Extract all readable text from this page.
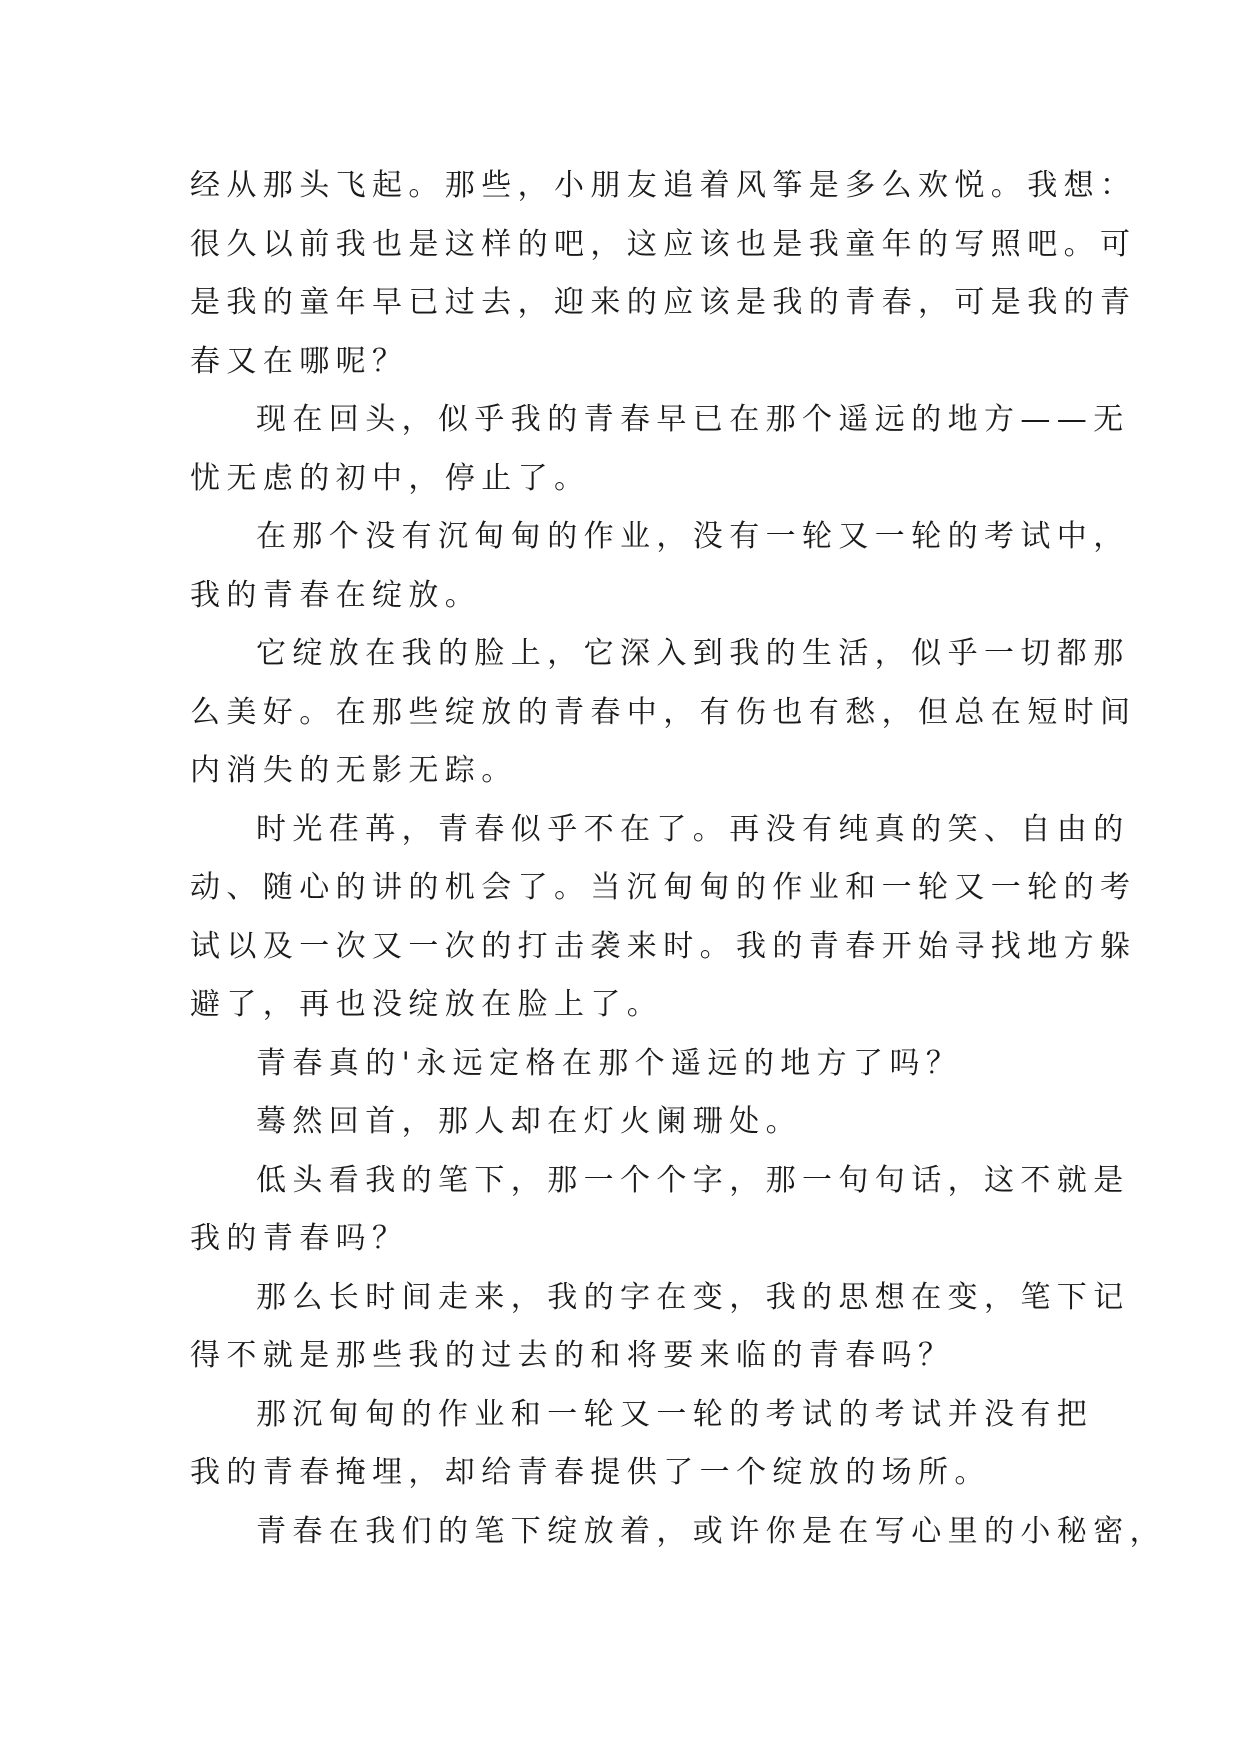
经从那头飞起。那些，小朋友追着风筝是多么欢悦。我想：
很久以前我也是这样的吧，这应该也是我童年的写照吧。可
是我的童年早已过去，迎来的应该是我的青春，可是我的青
春又在哪呢？
现在回头，似乎我的青春早已在那个遥远的地方——无
忧无虑的初中，停止了。
在那个没有沉甸甸的作业，没有一轮又一轮的考试中，
我的青春在绽放。
它绽放在我的脸上，它深入到我的生活，似乎一切都那
么美好。在那些绽放的青春中，有伤也有愁，但总在短时间
内消失的无影无踪。
时光荏苒，青春似乎不在了。再没有纯真的笑、自由的
动、随心的讲的机会了。当沉甸甸的作业和一轮又一轮的考
试以及一次又一次的打击袭来时。我的青春开始寻找地方躲
避了，再也没绽放在脸上了。
青春真的'永远定格在那个遥远的地方了吗？
蓦然回首，那人却在灯火阑珊处。
低头看我的笔下，那一个个字，那一句句话，这不就是
我的青春吗？
那么长时间走来，我的字在变，我的思想在变，笔下记
得不就是那些我的过去的和将要来临的青春吗？
那沉甸甸的作业和一轮又一轮的考试的考试并没有把
我的青春掩埋，却给青春提供了一个绽放的场所。
青春在我们的笔下绽放着，或许你是在写心里的小秘密，
